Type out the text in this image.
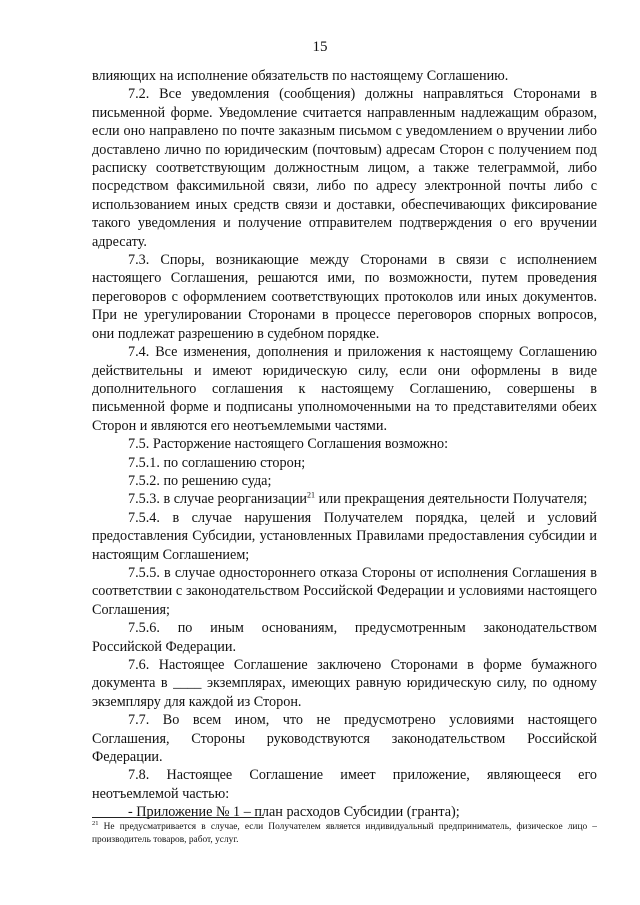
15

влияющих на исполнение обязательств по настоящему Соглашению.

7.2. Все уведомления (сообщения) должны направляться Сторонами в письменной форме. Уведомление считается направленным надлежащим образом, если оно направлено по почте заказным письмом с уведомлением о вручении либо доставлено лично по юридическим (почтовым) адресам Сторон с получением под расписку соответствующим должностным лицом, а также телеграммой, либо посредством факсимильной связи, либо по адресу электронной почты либо с использованием иных средств связи и доставки, обеспечивающих фиксирование такого уведомления и получение отправителем подтверждения о его вручении адресату.

7.3. Споры, возникающие между Сторонами в связи с исполнением настоящего Соглашения, решаются ими, по возможности, путем проведения переговоров с оформлением соответствующих протоколов или иных документов. При не урегулировании Сторонами в процессе переговоров спорных вопросов, они подлежат разрешению в судебном порядке.

7.4. Все изменения, дополнения и приложения к настоящему Соглашению действительны и имеют юридическую силу, если они оформлены в виде дополнительного соглашения к настоящему Соглашению, совершены в письменной форме и подписаны уполномоченными на то представителями обеих Сторон и являются его неотъемлемыми частями.

7.5. Расторжение настоящего Соглашения возможно:

7.5.1. по соглашению сторон;

7.5.2. по решению суда;

7.5.3. в случае реорганизации$^{21}$ или прекращения деятельности Получателя;

7.5.4. в случае нарушения Получателем порядка, целей и условий предоставления Субсидии, установленных Правилами предоставления субсидии и настоящим Соглашением;

7.5.5. в случае одностороннего отказа Стороны от исполнения Соглашения в соответствии с законодательством Российской Федерации и условиями настоящего Соглашения;

7.5.6. по иным основаниям, предусмотренным законодательством Российской Федерации.

7.6. Настоящее Соглашение заключено Сторонами в форме бумажного документа в ____ экземплярах, имеющих равную юридическую силу, по одному экземпляру для каждой из Сторон.

7.7. Во всем ином, что не предусмотрено условиями настоящего Соглашения, Стороны руководствуются законодательством Российской Федерации.

7.8. Настоящее Соглашение имеет приложение, являющееся его неотъемлемой частью:

- Приложение № 1 – план расходов Субсидии (гранта);

$^{21}$ Не предусматривается в случае, если Получателем является индивидуальный предприниматель, физическое лицо – производитель товаров, работ, услуг.
